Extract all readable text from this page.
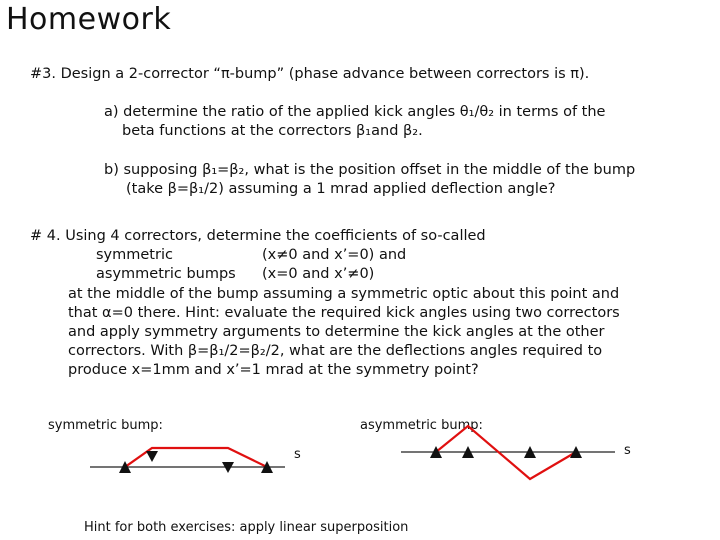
Homework
#3. Design a 2-corrector “π-bump” (phase advance between correctors is π).
a) determine the ratio of the applied kick angles θ₁/θ₂ in terms of the
beta functions at the correctors β₁and β₂.
b) supposing β₁=β₂, what is the position offset in the middle of the bump
(take β=β₁/2) assuming a 1 mrad applied deflection angle?
# 4. Using 4 correctors, determine the coefficients of so-called
symmetric	(x≠0 and x’=0) and
asymmetric bumps (x=0 and x’≠0)
at the middle of the bump assuming a symmetric optic about this point and
that α=0 there. Hint: evaluate the required kick angles using two correctors
and apply symmetry arguments to determine the kick angles at the other
correctors. With β=β₁/2=β₂/2, what are the deflections angles required to
produce x=1mm and x’=1 mrad at the symmetry point?
symmetric bump:	asymmetric bump:
s	s
Hint for both exercises: apply linear superposition
